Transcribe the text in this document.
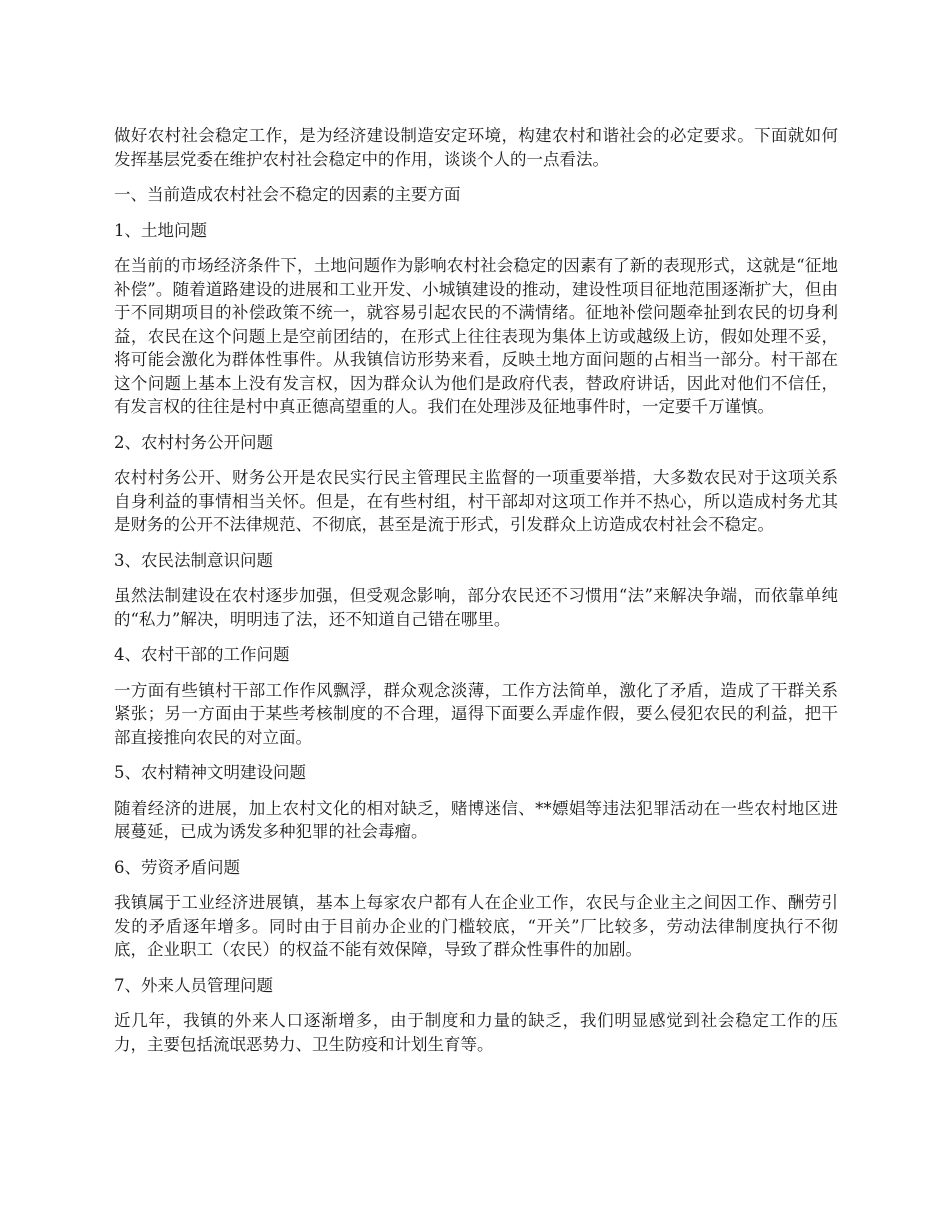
做好农村社会稳定工作，是为经济建设制造安定环境，构建农村和谐社会的必定要求。下面就如何发挥基层党委在维护农村社会稳定中的作用，谈谈个人的一点看法。

一、当前造成农村社会不稳定的因素的主要方面

1、土地问题

在当前的市场经济条件下，土地问题作为影响农村社会稳定的因素有了新的表现形式，这就是“征地补偿”。随着道路建设的进展和工业开发、小城镇建设的推动，建设性项目征地范围逐渐扩大，但由于不同期项目的补偿政策不统一，就容易引起农民的不满情绪。征地补偿问题牵扯到农民的切身利益，农民在这个问题上是空前团结的，在形式上往往表现为集体上访或越级上访，假如处理不妥，将可能会激化为群体性事件。从我镇信访形势来看，反映土地方面问题的占相当一部分。村干部在这个问题上基本上没有发言权，因为群众认为他们是政府代表，替政府讲话，因此对他们不信任，有发言权的往往是村中真正德高望重的人。我们在处理涉及征地事件时，一定要千万谨慎。

2、农村村务公开问题

农村村务公开、财务公开是农民实行民主管理民主监督的一项重要举措，大多数农民对于这项关系自身利益的事情相当关怀。但是，在有些村组，村干部却对这项工作并不热心，所以造成村务尤其是财务的公开不法律规范、不彻底，甚至是流于形式，引发群众上访造成农村社会不稳定。

3、农民法制意识问题

虽然法制建设在农村逐步加强，但受观念影响，部分农民还不习惯用“法”来解决争端，而依靠单纯的“私力”解决，明明违了法，还不知道自己错在哪里。

4、农村干部的工作问题

一方面有些镇村干部工作作风飘浮，群众观念淡薄，工作方法简单，激化了矛盾，造成了干群关系紧张；另一方面由于某些考核制度的不合理，逼得下面要么弄虚作假，要么侵犯农民的利益，把干部直接推向农民的对立面。

5、农村精神文明建设问题

随着经济的进展，加上农村文化的相对缺乏，赌博迷信、**嫖娼等违法犯罪活动在一些农村地区进展蔓延，已成为诱发多种犯罪的社会毒瘤。

6、劳资矛盾问题

我镇属于工业经济进展镇，基本上每家农户都有人在企业工作，农民与企业主之间因工作、酬劳引发的矛盾逐年增多。同时由于目前办企业的门槛较底，“开关”厂比较多，劳动法律制度执行不彻底，企业职工（农民）的权益不能有效保障，导致了群众性事件的加剧。

7、外来人员管理问题

近几年，我镇的外来人口逐渐增多，由于制度和力量的缺乏，我们明显感觉到社会稳定工作的压力，主要包括流氓恶势力、卫生防疫和计划生育等。
